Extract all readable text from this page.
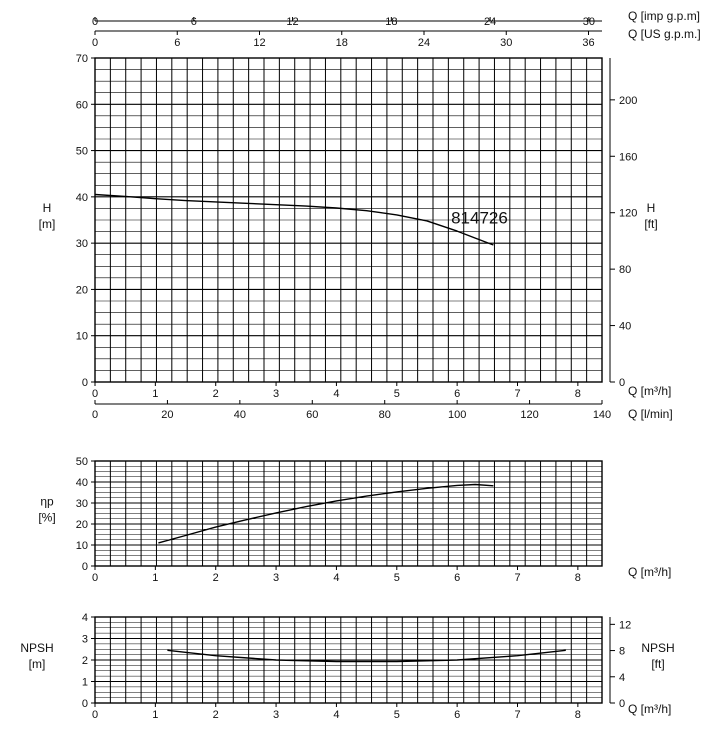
0
10
20
30
40
50
60
70
0	1	2	3	4	5	6	7	8	Q [m³/h]
H
[m]
0
40
80
120
160
200
H
[ft]
0	20	40	60	80	100	120	140 Q [l/min]
0	6	12	18	24	30	Q [imp g.p.m]
0	6	12	18	24	30	36
Q [US g.p.m.]
814726
0
10
20
30
40
50
0	1	2	3	4	5	6	7	8	Q [m³/h]
ηp
[%]
0
1
2
3
4
0	1	2	3	4	5	6	7	8	Q [m³/h]
NPSH
[m]
0
4
8
12
NPSH
[ft]
